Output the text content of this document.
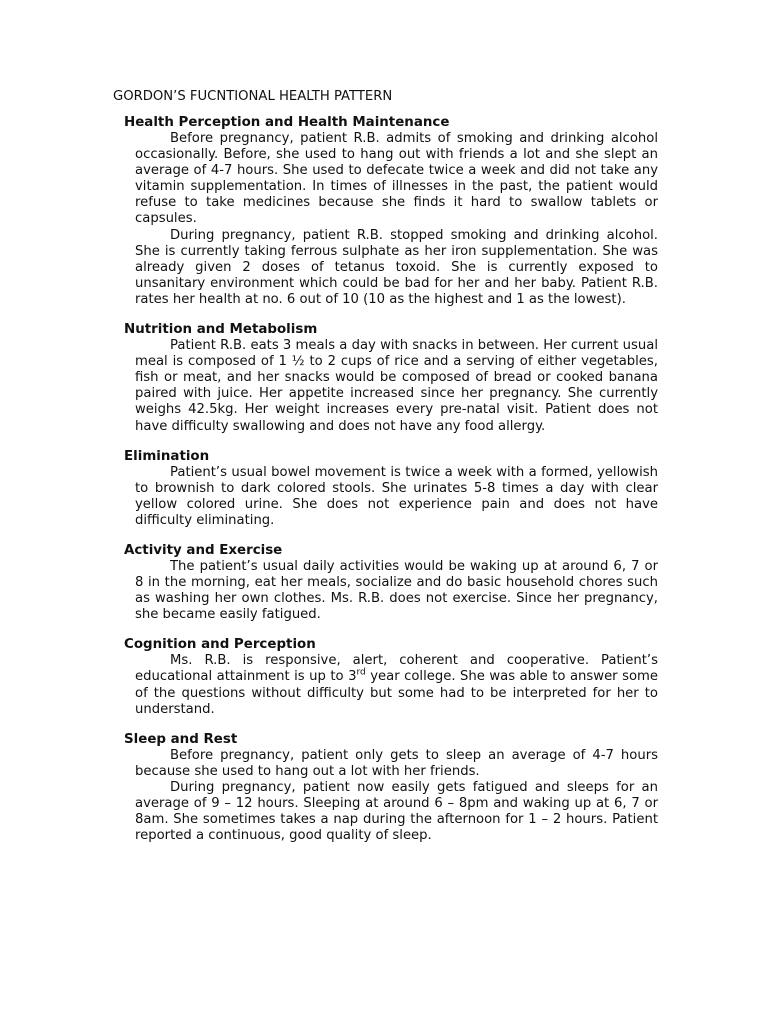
GORDON’S FUCNTIONAL HEALTH PATTERN

Health Perception and Health Maintenance

Before pregnancy, patient R.B. admits of smoking and drinking alcohol occasionally. Before, she used to hang out with friends a lot and she slept an average of 4-7 hours. She used to defecate twice a week and did not take any vitamin supplementation. In times of illnesses in the past, the patient would refuse to take medicines because she finds it hard to swallow tablets or capsules.

During pregnancy, patient R.B. stopped smoking and drinking alcohol. She is currently taking ferrous sulphate as her iron supplementation. She was already given 2 doses of tetanus toxoid. She is currently exposed to unsanitary environment which could be bad for her and her baby. Patient R.B. rates her health at no. 6 out of 10 (10 as the highest and 1 as the lowest).

Nutrition and Metabolism

Patient R.B. eats 3 meals a day with snacks in between. Her current usual meal is composed of 1 ½ to 2 cups of rice and a serving of either vegetables, fish or meat, and her snacks would be composed of bread or cooked banana paired with juice. Her appetite increased since her pregnancy. She currently weighs 42.5kg. Her weight increases every pre-natal visit. Patient does not have difficulty swallowing and does not have any food allergy.

Elimination

Patient’s usual bowel movement is twice a week with a formed, yellowish to brownish to dark colored stools. She urinates 5-8 times a day with clear yellow colored urine. She does not experience pain and does not have difficulty eliminating.

Activity and Exercise

The patient’s usual daily activities would be waking up at around 6, 7 or 8 in the morning, eat her meals, socialize and do basic household chores such as washing her own clothes. Ms. R.B. does not exercise. Since her pregnancy, she became easily fatigued.

Cognition and Perception

Ms. R.B. is responsive, alert, coherent and cooperative. Patient’s educational attainment is up to 3rd year college. She was able to answer some of the questions without difficulty but some had to be interpreted for her to understand.

Sleep and Rest

Before pregnancy, patient only gets to sleep an average of 4-7 hours because she used to hang out a lot with her friends.

During pregnancy, patient now easily gets fatigued and sleeps for an average of 9 – 12 hours. Sleeping at around 6 – 8pm and waking up at 6, 7 or 8am. She sometimes takes a nap during the afternoon for 1 – 2 hours. Patient reported a continuous, good quality of sleep.
